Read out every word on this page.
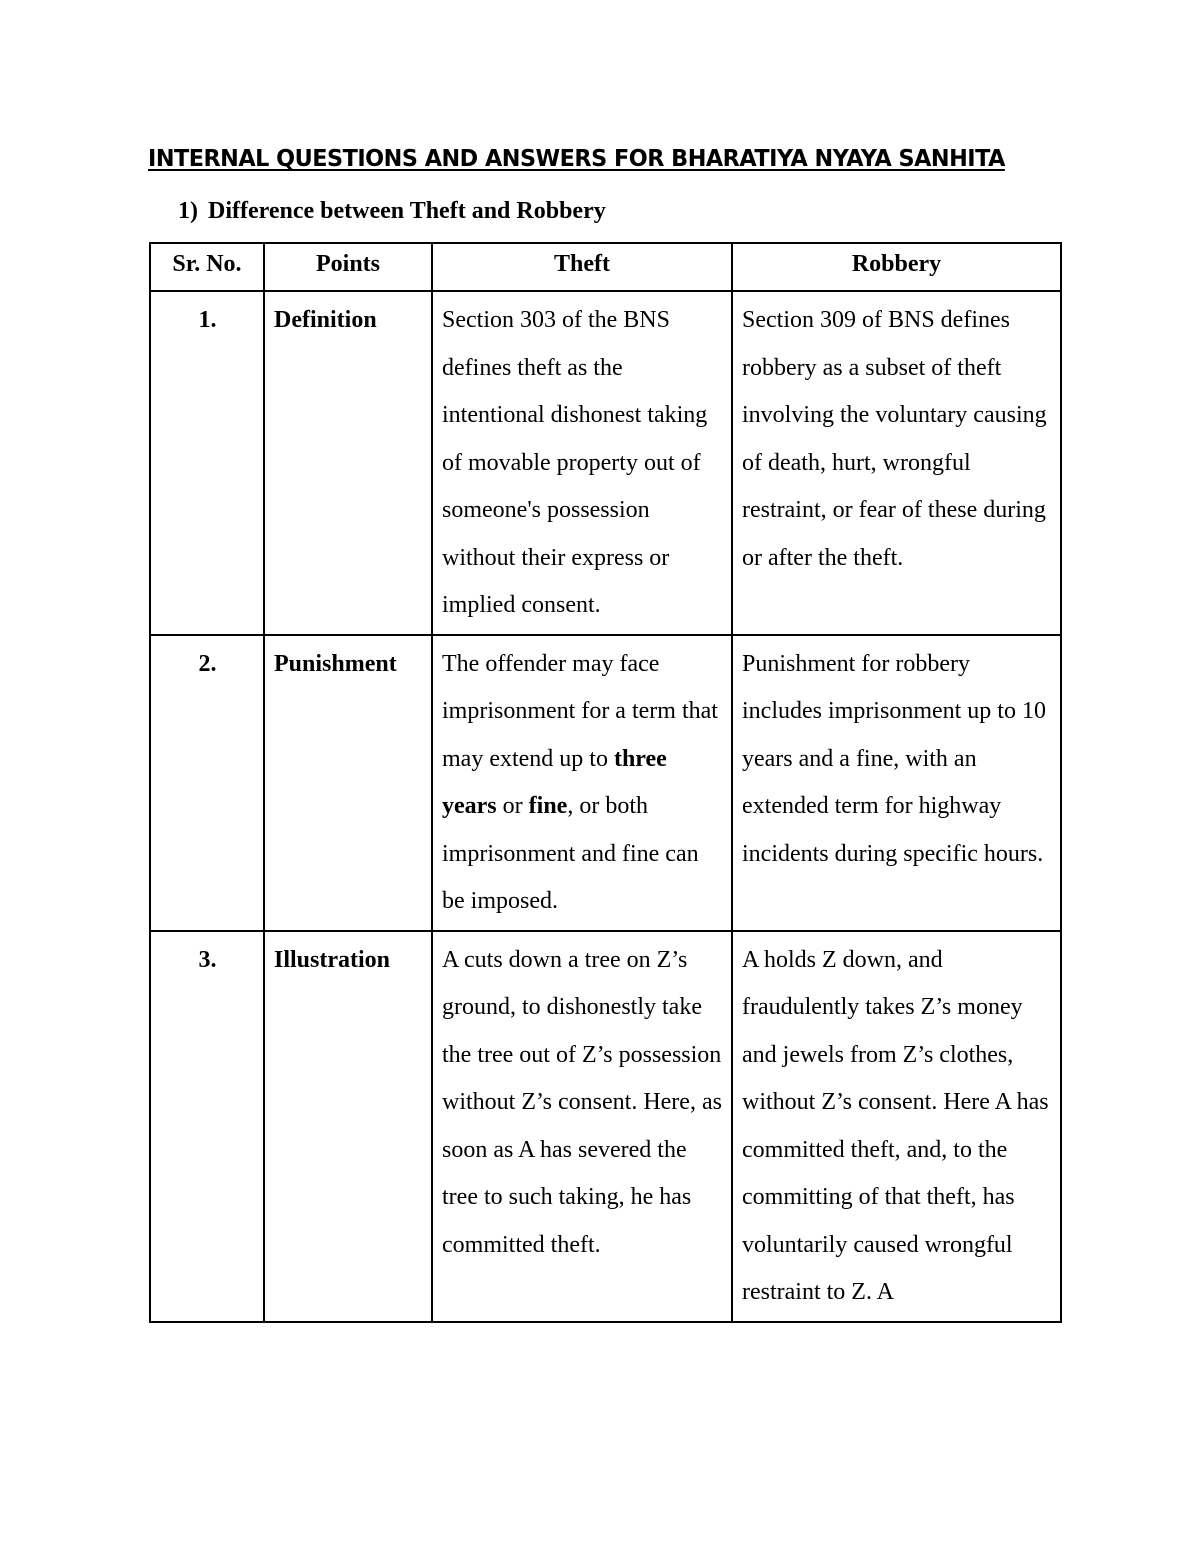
INTERNAL QUESTIONS AND ANSWERS FOR BHARATIYA NYAYA SANHITA
1) Difference between Theft and Robbery
Sr. No.	Points	Theft	Robbery
1.	Definition	Section 303 of the BNS defines theft as the intentional dishonest taking of movable property out of someone's possession without their express or implied consent.	Section 309 of BNS defines robbery as a subset of theft involving the voluntary causing of death, hurt, wrongful restraint, or fear of these during or after the theft.
2.	Punishment	The offender may face imprisonment for a term that may extend up to three years or fine, or both imprisonment and fine can be imposed.	Punishment for robbery includes imprisonment up to 10 years and a fine, with an extended term for highway incidents during specific hours.
3.	Illustration	A cuts down a tree on Z’s ground, to dishonestly take the tree out of Z’s possession without Z’s consent. Here, as soon as A has severed the tree to such taking, he has committed theft.	A holds Z down, and fraudulently takes Z’s money and jewels from Z’s clothes, without Z’s consent. Here A has committed theft, and, to the committing of that theft, has voluntarily caused wrongful restraint to Z. A
